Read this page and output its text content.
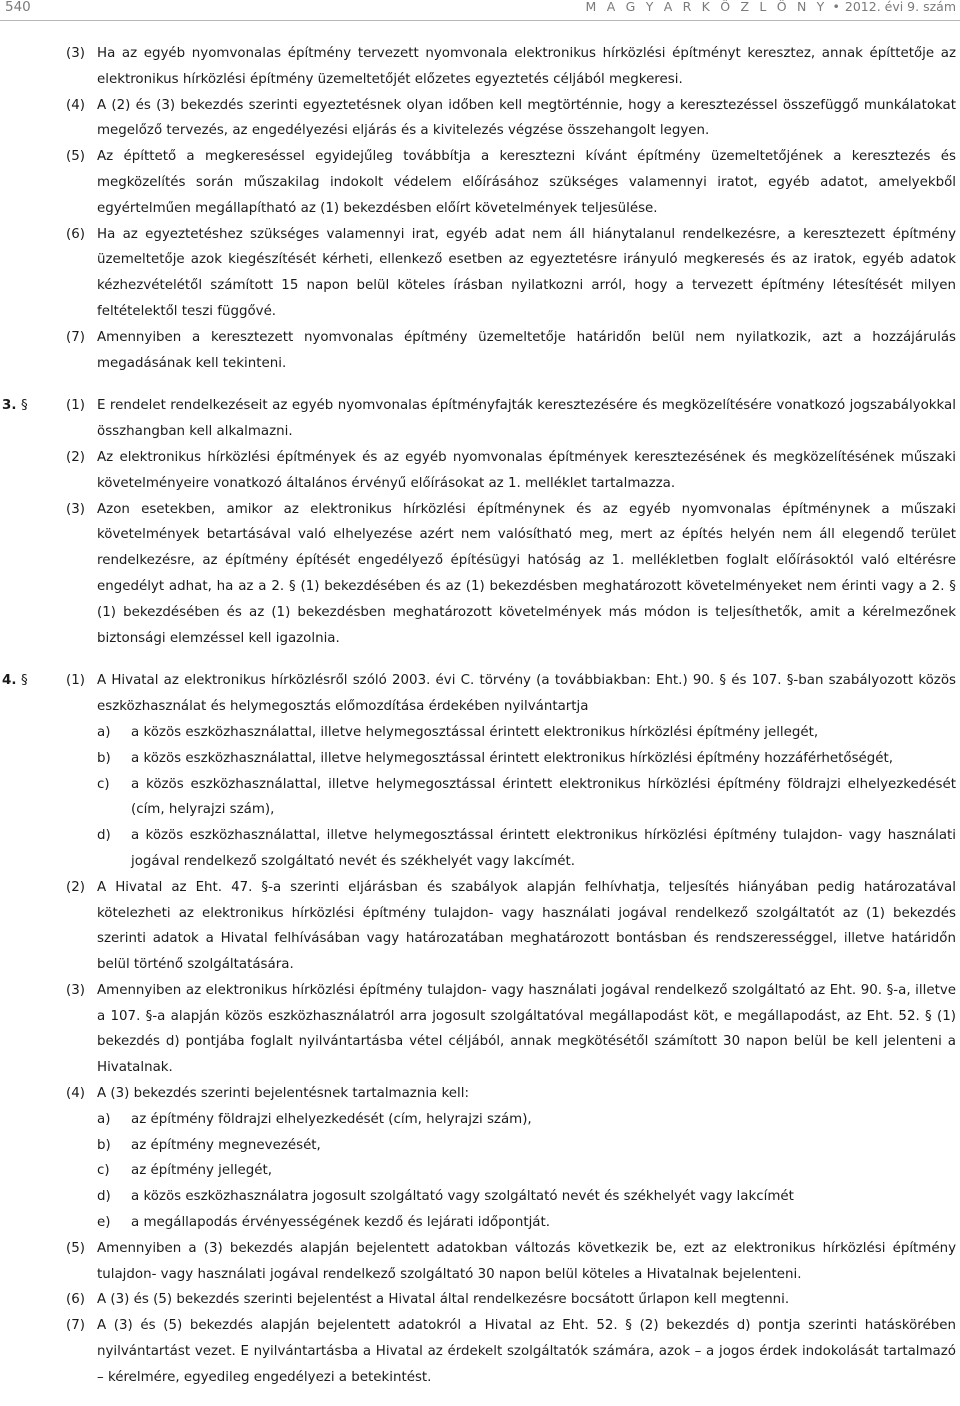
540	M A G Y A R K Ö Z L Ö N Y • 2012. évi 9. szám
(3) Ha az egyéb nyomvonalas építmény tervezett nyomvonala elektronikus hírközlési építményt keresztez, annak építtetője az elektronikus hírközlési építmény üzemeltetőjét előzetes egyeztetés céljából megkeresi.
(4) A (2) és (3) bekezdés szerinti egyeztetésnek olyan időben kell megtörténnie, hogy a keresztezéssel összefüggő munkálatokat megelőző tervezés, az engedélyezési eljárás és a kivitelezés végzése összehangolt legyen.
(5) Az építtető a megkereséssel egyidejűleg továbbítja a keresztezni kívánt építmény üzemeltetőjének a keresztezés és megközelítés során műszakilag indokolt védelem előírásához szükséges valamennyi iratot, egyéb adatot, amelyekből egyértelműen megállapítható az (1) bekezdésben előírt követelmények teljesülése.
(6) Ha az egyeztetéshez szükséges valamennyi irat, egyéb adat nem áll hiánytalanul rendelkezésre, a keresztezett építmény üzemeltetője azok kiegészítését kérheti, ellenkező esetben az egyeztetésre irányuló megkeresés és az iratok, egyéb adatok kézhezvételétől számított 15 napon belül köteles írásban nyilatkozni arról, hogy a tervezett építmény létesítését milyen feltételektől teszi függővé.
(7) Amennyiben a keresztezett nyomvonalas építmény üzemeltetője határidőn belül nem nyilatkozik, azt a hozzájárulás megadásának kell tekinteni.
3. §	(1) E rendelet rendelkezéseit az egyéb nyomvonalas építményfajták keresztezésére és megközelítésére vonatkozó jogszabályokkal összhangban kell alkalmazni.
(2) Az elektronikus hírközlési építmények és az egyéb nyomvonalas építmények keresztezésének és megközelítésének műszaki követelményeire vonatkozó általános érvényű előírásokat az 1. melléklet tartalmazza.
(3) Azon esetekben, amikor az elektronikus hírközlési építménynek és az egyéb nyomvonalas építménynek a műszaki követelmények betartásával való elhelyezése azért nem valósítható meg, mert az építés helyén nem áll elegendő terület rendelkezésre, az építmény építését engedélyező építésügyi hatóság az 1. mellékletben foglalt előírásoktól való eltérésre engedélyt adhat, ha az a 2. § (1) bekezdésében és az (1) bekezdésben meghatározott követelményeket nem érinti vagy a 2. § (1) bekezdésében és az (1) bekezdésben meghatározott követelmények más módon is teljesíthetők, amit a kérelmezőnek biztonsági elemzéssel kell igazolnia.
4. §	(1) A Hivatal az elektronikus hírközlésről szóló 2003. évi C. törvény (a továbbiakban: Eht.) 90. § és 107. §-ban szabályozott közös eszközhasználat és helymegosztás előmozdítása érdekében nyilvántartja
a) a közös eszközhasználattal, illetve helymegosztással érintett elektronikus hírközlési építmény jellegét,
b) a közös eszközhasználattal, illetve helymegosztással érintett elektronikus hírközlési építmény hozzáférhetőségét,
c) a közös eszközhasználattal, illetve helymegosztással érintett elektronikus hírközlési építmény földrajzi elhelyezkedését (cím, helyrajzi szám),
d) a közös eszközhasználattal, illetve helymegosztással érintett elektronikus hírközlési építmény tulajdon- vagy használati jogával rendelkező szolgáltató nevét és székhelyét vagy lakcímét.
(2) A Hivatal az Eht. 47. §-a szerinti eljárásban és szabályok alapján felhívhatja, teljesítés hiányában pedig határozatával kötelezheti az elektronikus hírközlési építmény tulajdon- vagy használati jogával rendelkező szolgáltatót az (1) bekezdés szerinti adatok a Hivatal felhívásában vagy határozatában meghatározott bontásban és rendszerességgel, illetve határidőn belül történő szolgáltatására.
(3) Amennyiben az elektronikus hírközlési építmény tulajdon- vagy használati jogával rendelkező szolgáltató az Eht. 90. §-a, illetve a 107. §-a alapján közös eszközhasználatról arra jogosult szolgáltatóval megállapodást köt, e megállapodást, az Eht. 52. § (1) bekezdés d) pontjába foglalt nyilvántartásba vétel céljából, annak megkötésétől számított 30 napon belül be kell jelenteni a Hivatalnak.
(4) A (3) bekezdés szerinti bejelentésnek tartalmaznia kell:
a) az építmény földrajzi elhelyezkedését (cím, helyrajzi szám),
b) az építmény megnevezését,
c) az építmény jellegét,
d) a közös eszközhasználatra jogosult szolgáltató vagy szolgáltató nevét és székhelyét vagy lakcímét
e) a megállapodás érvényességének kezdő és lejárati időpontját.
(5) Amennyiben a (3) bekezdés alapján bejelentett adatokban változás következik be, ezt az elektronikus hírközlési építmény tulajdon- vagy használati jogával rendelkező szolgáltató 30 napon belül köteles a Hivatalnak bejelenteni.
(6) A (3) és (5) bekezdés szerinti bejelentést a Hivatal által rendelkezésre bocsátott űrlapon kell megtenni.
(7) A (3) és (5) bekezdés alapján bejelentett adatokról a Hivatal az Eht. 52. § (2) bekezdés d) pontja szerinti hatáskörében nyilvántartást vezet. E nyilvántartásba a Hivatal az érdekelt szolgáltatók számára, azok – a jogos érdek indokolását tartalmazó – kérelmére, egyedileg engedélyezi a betekintést.
